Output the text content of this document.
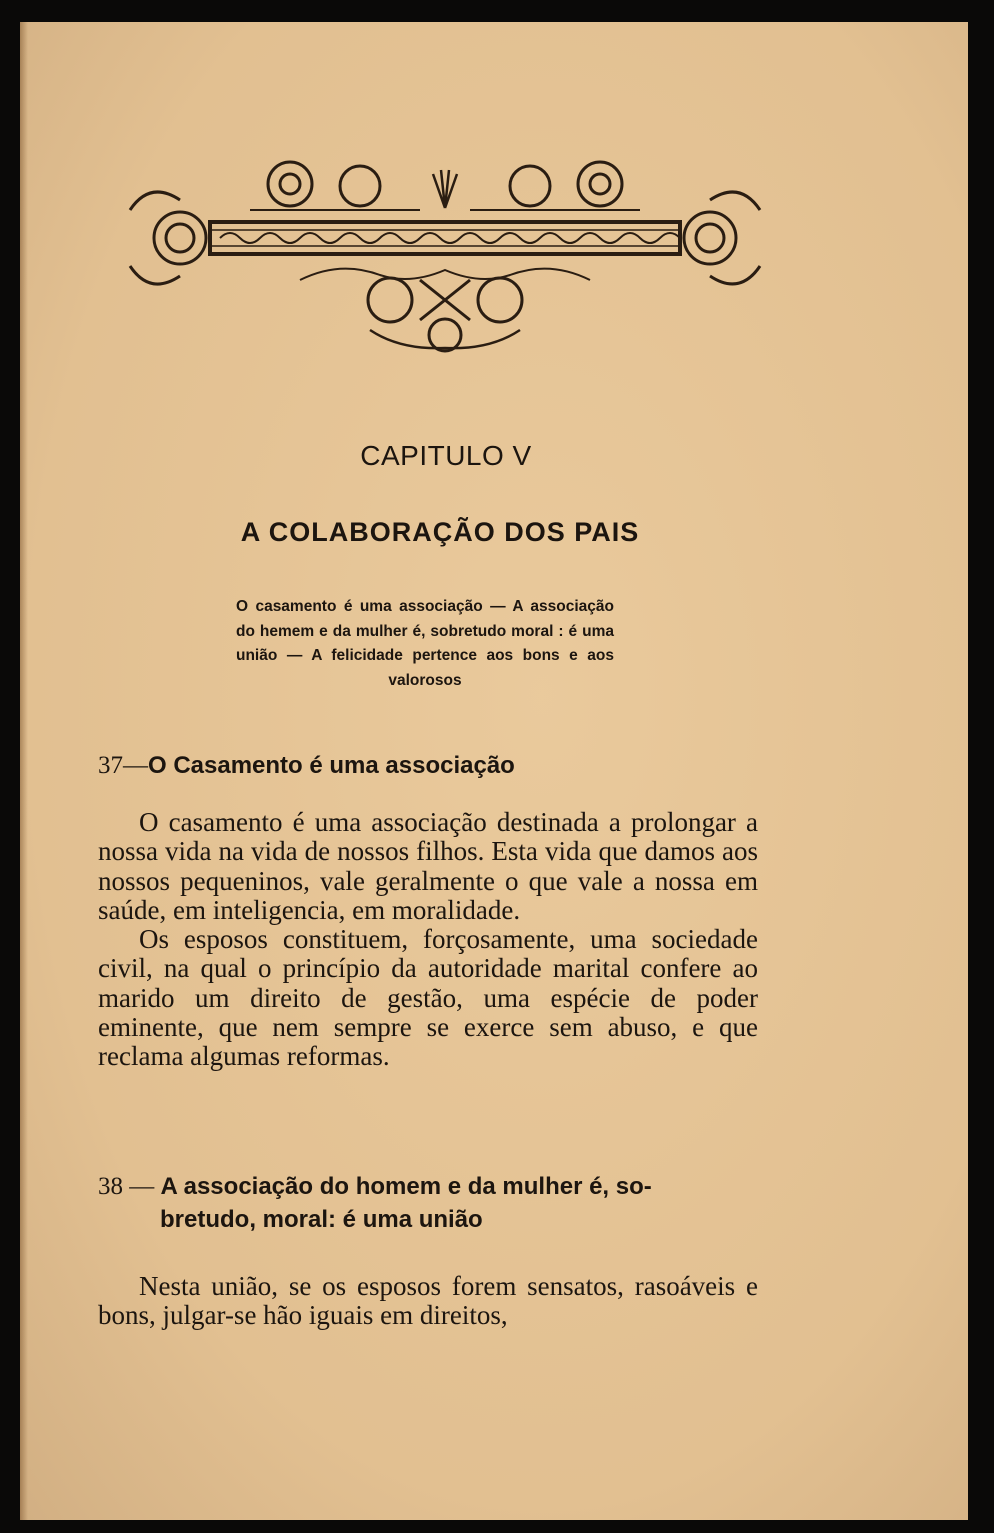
CAPITULO V
A COLABORAÇÃO DOS PAIS
O casamento é uma associação — A associação do hemem e da mulher é, sobretudo moral : é uma união — A felicidade pertence aos bons e aos valorosos
37—O Casamento é uma associação

O casamento é uma associação destinada a prolongar a nossa vida na vida de nossos filhos. Esta vida que damos aos nossos pequeninos, vale geralmente o que vale a nossa em saúde, em inteligencia, em moralidade.

Os esposos constituem, forçosamente, uma sociedade civil, na qual o princípio da autoridade marital confere ao marido um direito de gestão, uma espécie de poder eminente, que nem sempre se exerce sem abuso, e que reclama algumas reformas.

38 — A associação do homem e da mulher é, so-
bretudo, moral: é uma união

Nesta união, se os esposos forem sensatos, rasoáveis e bons, julgar-se hão iguais em direitos,
